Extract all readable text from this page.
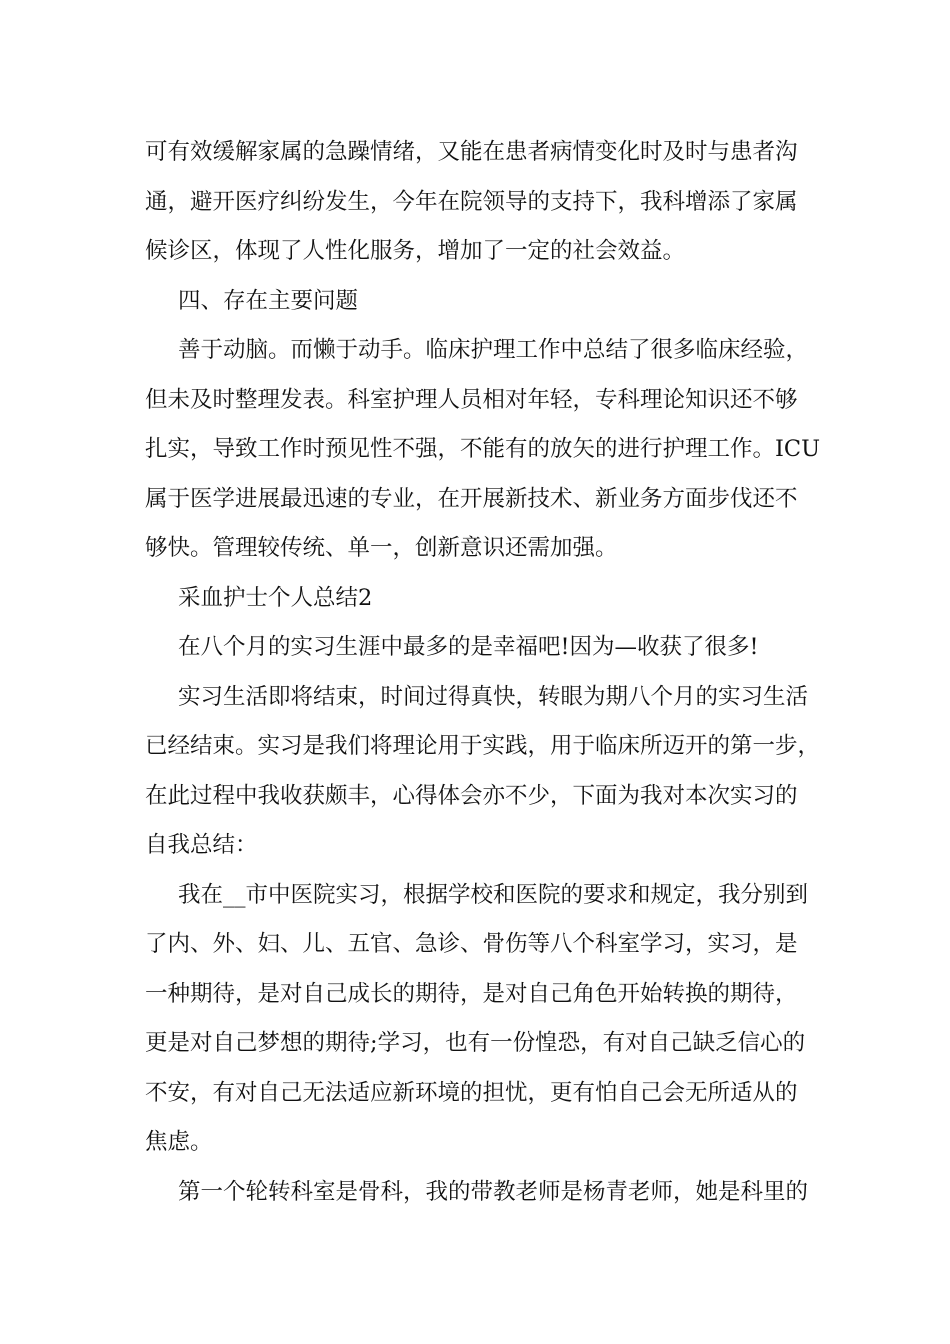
可有效缓解家属的急躁情绪，又能在患者病情变化时及时与患者沟
通，避开医疗纠纷发生，今年在院领导的支持下，我科增添了家属
候诊区，体现了人性化服务，增加了一定的社会效益。
四、存在主要问题
善于动脑。而懒于动手。临床护理工作中总结了很多临床经验，
但未及时整理发表。科室护理人员相对年轻，专科理论知识还不够
扎实，导致工作时预见性不强，不能有的放矢的进行护理工作。ICU
属于医学进展最迅速的专业，在开展新技术、新业务方面步伐还不
够快。管理较传统、单一，创新意识还需加强。
采血护士个人总结2
在八个月的实习生涯中最多的是幸福吧!因为—收获了很多!
实习生活即将结束，时间过得真快，转眼为期八个月的实习生活
已经结束。实习是我们将理论用于实践，用于临床所迈开的第一步，
在此过程中我收获颇丰，心得体会亦不少，下面为我对本次实习的
自我总结：
我在__市中医院实习，根据学校和医院的要求和规定，我分别到
了内、外、妇、儿、五官、急诊、骨伤等八个科室学习，实习，是
一种期待，是对自己成长的期待，是对自己角色开始转换的期待，
更是对自己梦想的期待;学习，也有一份惶恐，有对自己缺乏信心的
不安，有对自己无法适应新环境的担忧，更有怕自己会无所适从的
焦虑。
第一个轮转科室是骨科，我的带教老师是杨青老师，她是科里的
